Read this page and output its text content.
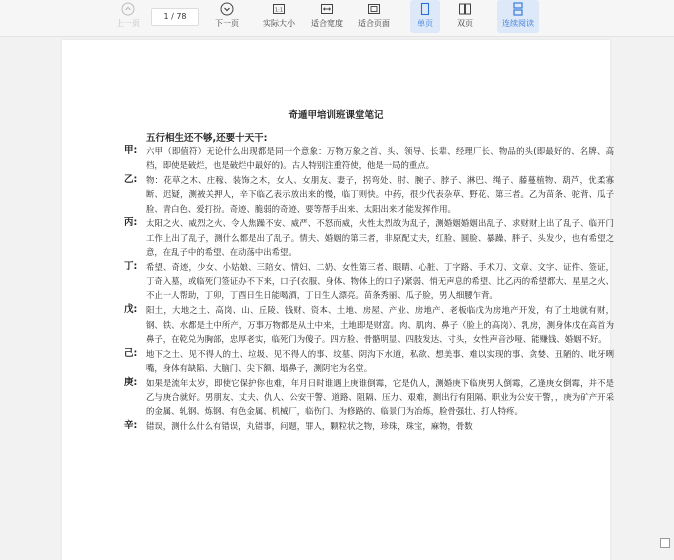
上一页
1 / 78
下一页
1:1
实际大小	适合宽度	适合页面	单页	双页	连续阅读
奇遁甲培训班课堂笔记
五行相生还不够,还要十天干:
甲: 六甲（即值符）无论什么出现都是同一个意象：万物万象之首、头、领导、长辈、经理厂长、物品的头(即最好的、名牌、高档，即使是破烂，也是破烂中最好的)。古人特别注重符使，他是一局的重点。
乙: 物：花草之木、庄稼、装饰之木，女人、女朋友、妻子，拐弯处、肘、腕子、脖子、淋巴、绳子、藤蔓植物、葫芦，优柔寡断、迟疑，测被关押人，辛下临乙表示放出来的慢，临丁则快。中药，很少代表杂草、野花、第三者。乙为苗条、驼背、瓜子脸、青白色、爱打扮。奇迹、脆弱的奇迹、要等帮手出来、太阳出来才能发挥作用。
丙: 太阳之火、威烈之火、令人焦躁不安、威严、不怒而威，火性太烈故为乱子，测婚姻婚姻出乱子、求财财上出了乱子、临开门工作上出了乱子，测什么都是出了乱子。情夫、婚姻的第三者，非原配丈夫，红脸、圆脸、暴躁、胖子、头发少，也有希望之意，在乱子中的希望、在动荡中出希望。
丁: 希望、奇迹，少女、小姑娘、三陪女、情妇、二奶、女性第三者、眼睛、心脏、丁字路、手术刀、文章、文字、证件、签证，丁奇入墓，或临死门签证办不下来，口子(衣服、身体、物体上的口子)紧弱、悄无声息的希望、比乙丙的希望都大、星星之火、不止一人帮助，丁卯，丁酉日生日能喝酒，丁日生人漂亮。苗条秀丽、瓜子脸，男人细腰乍背。
戊: 阳土，大地之土、高岗、山、丘陵、钱财、资本、土地、房屋、产业、房地产、老板临戊为房地产开发，有了土地就有财，钢、铁、水都是土中所产，万事万物都是从土中来，土地即是财富。肉、肌肉、鼻子（脸上的高岗）、乳房，测身体戊在高首为鼻子，在乾兑为胸部，忠厚老实，临死门为傻子。四方脸、骨骼明显、四肢发达、寸头，女性声音沙哑、能赚钱、婚姻不好。
己: 地下之土、见不得人的土、垃圾、见不得人的事、坟墓、阴沟下水道，私欲、想美事、难以实现的事、贪婪、丑陋的、吡牙咧嘴，身体有缺陷、大脑门、尖下额、塌鼻子，测阴宅为名堂。
庚: 如果是流年太岁，即使它保护你也难，年月日时谁遇上庚谁倒霉，它是仇人，测婚庚下临庚男人倒霉，乙逢庚女倒霉，并不是乙与庚合就好。男朋友、丈夫、仇人、公安干警、道路、阻隔、压力、艰难，测出行有阻隔、职业为公安干警，，庚为矿产开采的金属、轧钢、炼钢、有色金属、机械厂，临伤门、为修路的、临景门为冶炼，脸骨强壮、打人特疼。
辛: 错误，测什么什么有错误，丸错事，问题，罪人，颗粒状之物，珍珠，珠宝，麻物，骨数
